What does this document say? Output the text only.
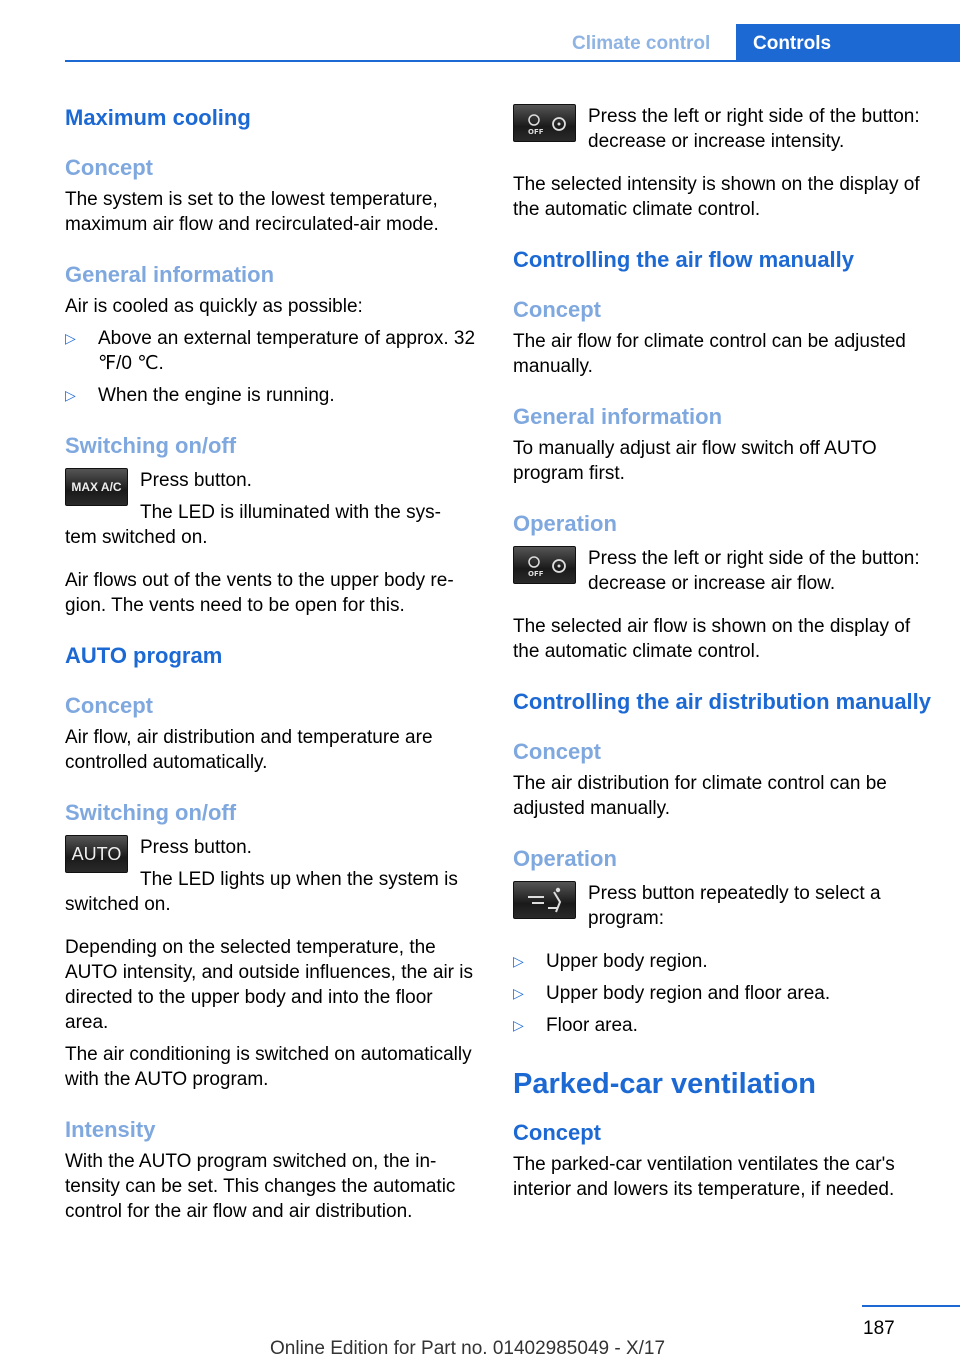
Climate control Controls

Maximum cooling

Concept

The system is set to the lowest temperature, maximum air flow and recirculated-air mode.

General information

Air is cooled as quickly as possible:

▷ Above an external temperature of approx. 32 ℉/0 ℃.
▷ When the engine is running.

Switching on/off

MAX A/C Press button.

The LED is illuminated with the sys-

tem switched on.

Air flows out of the vents to the upper body region. The vents need to be open for this.

AUTO program

Concept

Air flow, air distribution and temperature are controlled automatically.

Switching on/off

AUTO Press button.

The LED lights up when the system is

switched on.

Depending on the selected temperature, the AUTO intensity, and outside influences, the air is directed to the upper body and into the floor area.

The air conditioning is switched on automatically with the AUTO program.

Intensity

With the AUTO program switched on, the intensity can be set. This changes the automatic control for the air flow and air distribution.

OFF

Press the left or right side of the button: decrease or increase intensity.

The selected intensity is shown on the display of the automatic climate control.

Controlling the air flow manually

Concept

The air flow for climate control can be adjusted manually.

General information

To manually adjust air flow switch off AUTO program first.

Operation

OFF

Press the left or right side of the button: decrease or increase air flow.

The selected air flow is shown on the display of the automatic climate control.

Controlling the air distribution manually

Concept

The air distribution for climate control can be adjusted manually.

Operation

Press button repeatedly to select a program:

▷ Upper body region.
▷ Upper body region and floor area.
▷ Floor area.

Parked-car ventilation

Concept

The parked-car ventilation ventilates the car's interior and lowers its temperature, if needed.

187
Online Edition for Part no. 01402985049 - X/17
